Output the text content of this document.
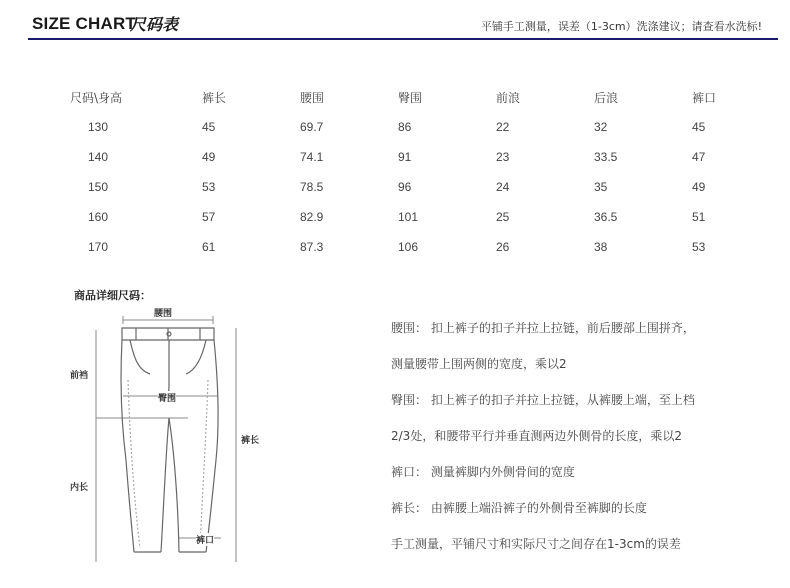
SIZE CHART
尺码表	平铺手工测量，误差（1-3cm）洗涤建议；请查看水洗标!
尺码\身高	裤长	腰围	臀围	前浪	后浪	裤口
130	45	69.7	86	22	32	45
140	49	74.1	91	23	33.5	47
150	53	78.5	96	24	35	49
160	57	82.9	101	25	36.5	51
170	61	87.3	106	26	38	53
商品详细尺码：
腰围
前裆
臀围
裤长
内长
裤口
腰围： 扣上裤子的扣子并拉上拉链，前后腰部上围拼齐，
测量腰带上围两侧的宽度，乘以2
臀围： 扣上裤子的扣子并拉上拉链，从裤腰上端，至上档
2/3处，和腰带平行并垂直测两边外侧骨的长度，乘以2
裤口： 测量裤脚内外侧骨间的宽度
裤长： 由裤腰上端沿裤子的外侧骨至裤脚的长度
手工测量，平铺尺寸和实际尺寸之间存在1-3cm的误差
